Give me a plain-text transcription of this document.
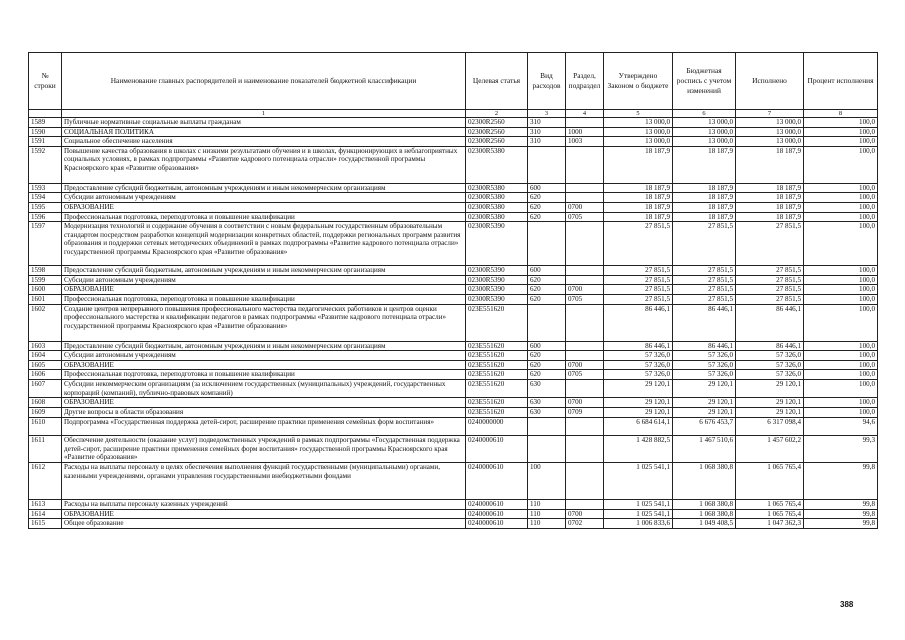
№ строки	Наименование главных распорядителей и наименование показателей бюджетной классификации	Целевая статья	Вид расходов	Раздел, подраздел	Утверждено Законом о бюджете	Бюджетная роспись с учетом изменений	Исполнено	Процент исполнения
	1	2	3	4	5	6	7	8
1589	Публичные нормативные социальные выплаты гражданам	02300R2560	310		13 000,0	13 000,0	13 000,0	100,0
1590	СОЦИАЛЬНАЯ ПОЛИТИКА	02300R2560	310	1000	13 000,0	13 000,0	13 000,0	100,0
1591	Социальное обеспечение населения	02300R2560	310	1003	13 000,0	13 000,0	13 000,0	100,0
1592	Повышение качества образования в школах с низкими результатами обучения и в школах, функционирующих в неблагоприятных социальных условиях, в рамках подпрограммы «Развитие кадрового потенциала отрасли» государственной программы Красноярского края «Развитие образования»	02300R5380			18 187,9	18 187,9	18 187,9	100,0
1593	Предоставление субсидий бюджетным, автономным учреждениям и иным некоммерческим организациям	02300R5380	600		18 187,9	18 187,9	18 187,9	100,0
1594	Субсидии автономным учреждениям	02300R5380	620		18 187,9	18 187,9	18 187,9	100,0
1595	ОБРАЗОВАНИЕ	02300R5380	620	0700	18 187,9	18 187,9	18 187,9	100,0
1596	Профессиональная подготовка, переподготовка и повышение квалификации	02300R5380	620	0705	18 187,9	18 187,9	18 187,9	100,0
1597	Модернизация технологий и содержание обучения в соответствии с новым федеральным государственным образовательным стандартом посредством разработки концепций модернизации конкретных областей, поддержки региональных программ развития образования и поддержки сетевых методических объединений в рамках подпрограммы «Развитие кадрового потенциала отрасли» государственной программы Красноярского края «Развитие образования»	02300R5390			27 851,5	27 851,5	27 851,5	100,0
1598	Предоставление субсидий бюджетным, автономным учреждениям и иным некоммерческим организациям	02300R5390	600		27 851,5	27 851,5	27 851,5	100,0
1599	Субсидии автономным учреждениям	02300R5390	620		27 851,5	27 851,5	27 851,5	100,0
1600	ОБРАЗОВАНИЕ	02300R5390	620	0700	27 851,5	27 851,5	27 851,5	100,0
1601	Профессиональная подготовка, переподготовка и повышение квалификации	02300R5390	620	0705	27 851,5	27 851,5	27 851,5	100,0
1602	Создание центров непрерывного повышения профессионального мастерства педагогических работников и центров оценки профессионального мастерства и квалификации педагогов в рамках подпрограммы «Развитие кадрового потенциала отрасли» государственной программы Красноярского края «Развитие образования»	023E551620			86 446,1	86 446,1	86 446,1	100,0
1603	Предоставление субсидий бюджетным, автономным учреждениям и иным некоммерческим организациям	023E551620	600		86 446,1	86 446,1	86 446,1	100,0
1604	Субсидии автономным учреждениям	023E551620	620		57 326,0	57 326,0	57 326,0	100,0
1605	ОБРАЗОВАНИЕ	023E551620	620	0700	57 326,0	57 326,0	57 326,0	100,0
1606	Профессиональная подготовка, переподготовка и повышение квалификации	023E551620	620	0705	57 326,0	57 326,0	57 326,0	100,0
1607	Субсидии некоммерческим организациям (за исключением государственных (муниципальных) учреждений, государственных корпораций (компаний), публично-правовых компаний)	023E551620	630		29 120,1	29 120,1	29 120,1	100,0
1608	ОБРАЗОВАНИЕ	023E551620	630	0700	29 120,1	29 120,1	29 120,1	100,0
1609	Другие вопросы в области образования	023E551620	630	0709	29 120,1	29 120,1	29 120,1	100,0
1610	Подпрограмма «Государственная поддержка детей-сирот, расширение практики применения семейных форм воспитания»	0240000000			6 684 614,1	6 676 453,7	6 317 098,4	94,6
1611	Обеспечение деятельности (оказание услуг) подведомственных учреждений в рамках подпрограммы «Государственная поддержка детей-сирот, расширение практики применения семейных форм воспитания» государственной программы Красноярского края «Развитие образования»	0240000610			1 428 882,5	1 467 510,6	1 457 602,2	99,3
1612	Расходы на выплаты персоналу в целях обеспечения выполнения функций государственными (муниципальными) органами, казенными учреждениями, органами управления государственными внебюджетными фондами	0240000610	100		1 025 541,1	1 068 380,8	1 065 765,4	99,8
1613	Расходы на выплаты персоналу казенных учреждений	0240000610	110		1 025 541,1	1 068 380,8	1 065 765,4	99,8
1614	ОБРАЗОВАНИЕ	0240000610	110	0700	1 025 541,1	1 068 380,8	1 065 765,4	99,8
1615	Общее образование	0240000610	110	0702	1 006 833,6	1 049 408,5	1 047 362,3	99,8
388
